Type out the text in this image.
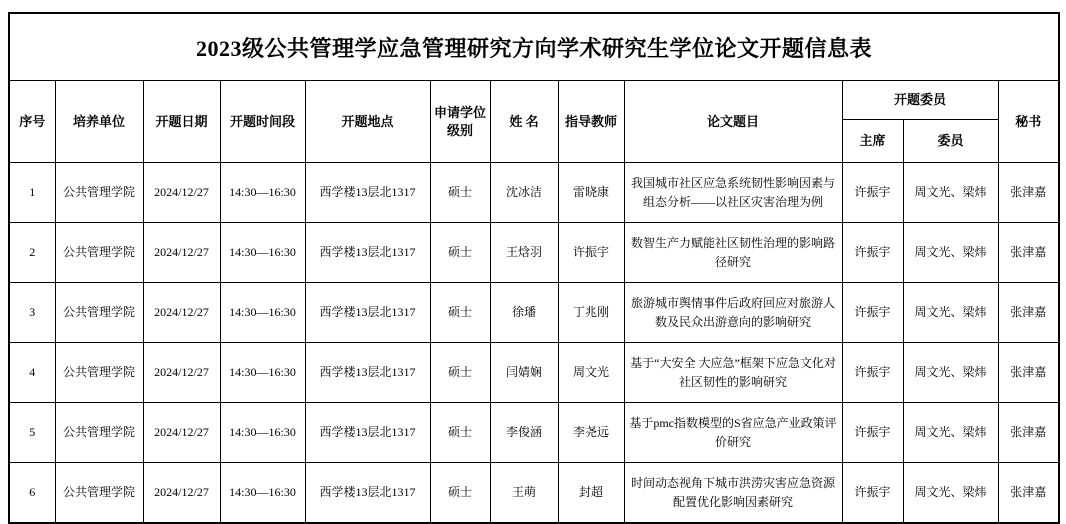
2023级公共管理学应急管理研究方向学术研究生学位论文开题信息表											
序号	培养单位	开题日期	开题时间段	开题地点	申请学位级别	姓 名	指导教师	论文题目	开题委员		秘书
									主席	委员	
1	公共管理学院	2024/12/27	14:30—16:30	西学楼13层北1317	硕士	沈冰洁	雷晓康	我国城市社区应急系统韧性影响因素与组态分析——以社区灾害治理为例	许振宇	周文光、梁炜	张津嘉
2	公共管理学院	2024/12/27	14:30—16:30	西学楼13层北1317	硕士	王焓羽	许振宇	数智生产力赋能社区韧性治理的影响路径研究	许振宇	周文光、梁炜	张津嘉
3	公共管理学院	2024/12/27	14:30—16:30	西学楼13层北1317	硕士	徐璠	丁兆刚	旅游城市舆情事件后政府回应对旅游人数及民众出游意向的影响研究	许振宇	周文光、梁炜	张津嘉
4	公共管理学院	2024/12/27	14:30—16:30	西学楼13层北1317	硕士	闫婧娴	周文光	基于“大安全 大应急”框架下应急文化对社区韧性的影响研究	许振宇	周文光、梁炜	张津嘉
5	公共管理学院	2024/12/27	14:30—16:30	西学楼13层北1317	硕士	李俊涵	李尧远	基于pmc指数模型的S省应急产业政策评价研究	许振宇	周文光、梁炜	张津嘉
6	公共管理学院	2024/12/27	14:30—16:30	西学楼13层北1317	硕士	王萌	封超	时间动态视角下城市洪涝灾害应急资源配置优化影响因素研究	许振宇	周文光、梁炜	张津嘉
